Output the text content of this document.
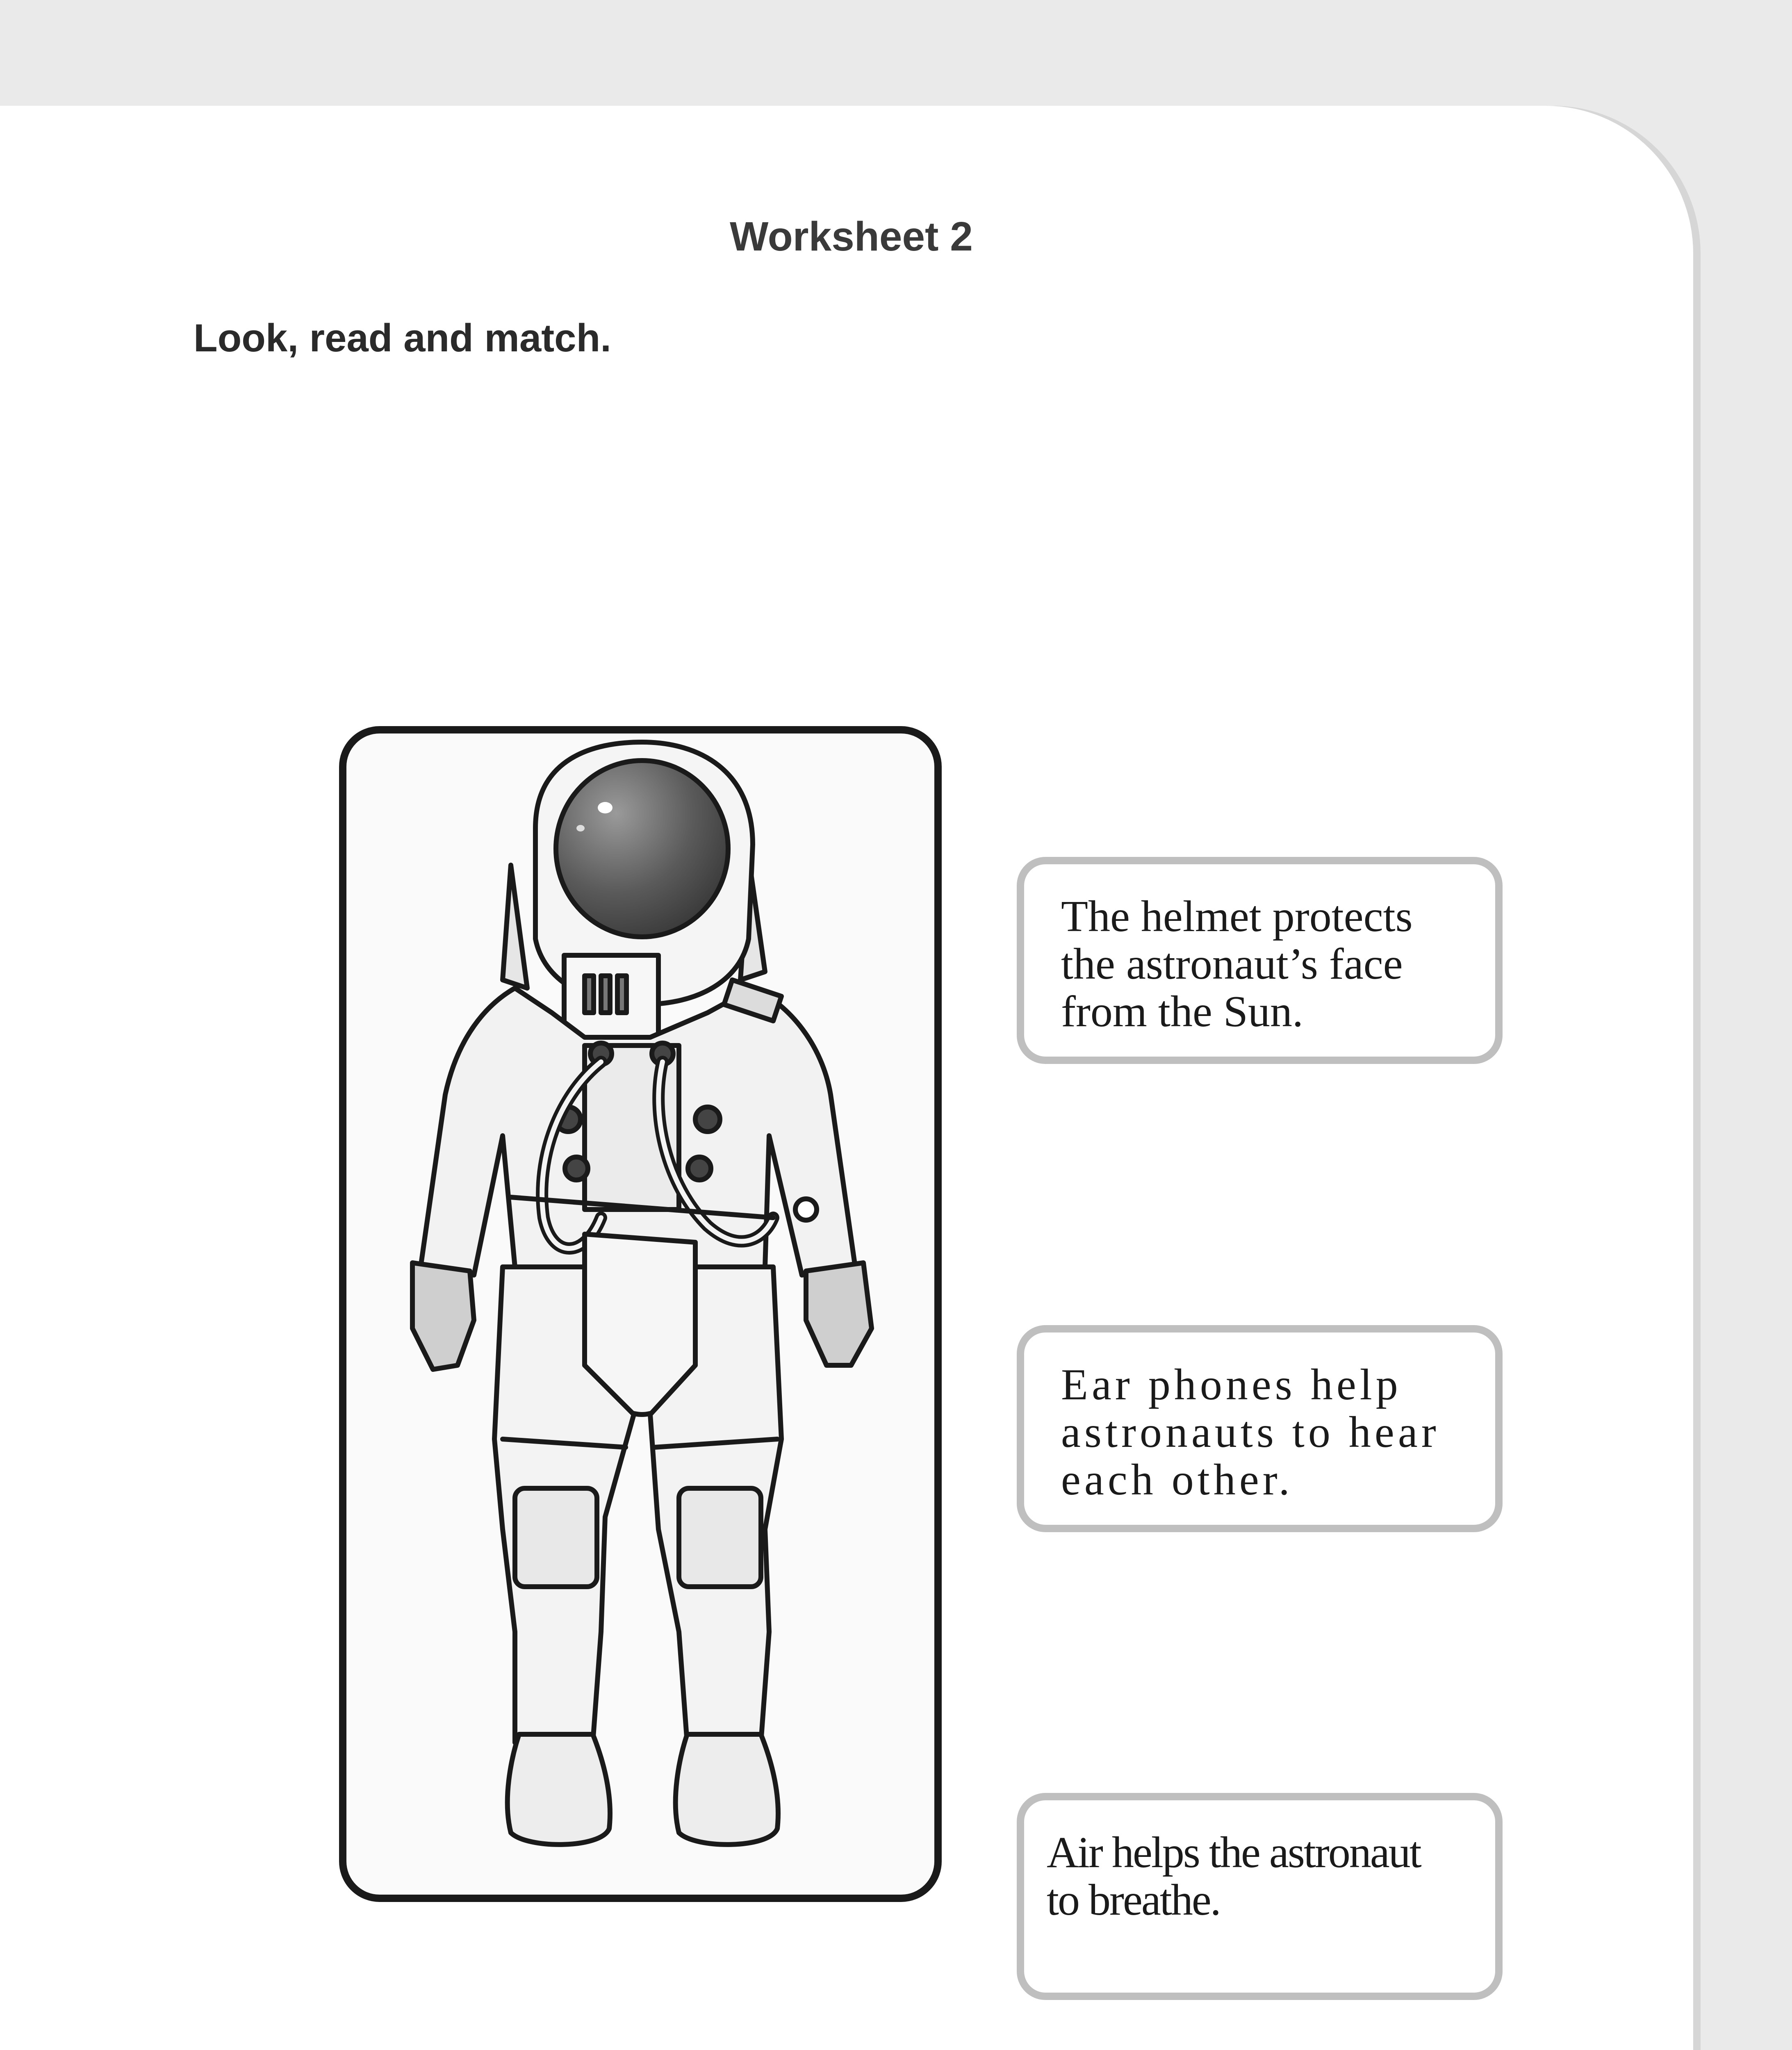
Worksheet 2
Look, read and match.
The helmet protects
the astronaut’s face
from the Sun.
Ear phones help
astronauts to hear
each other.
Air helps the astronaut
to breathe.
